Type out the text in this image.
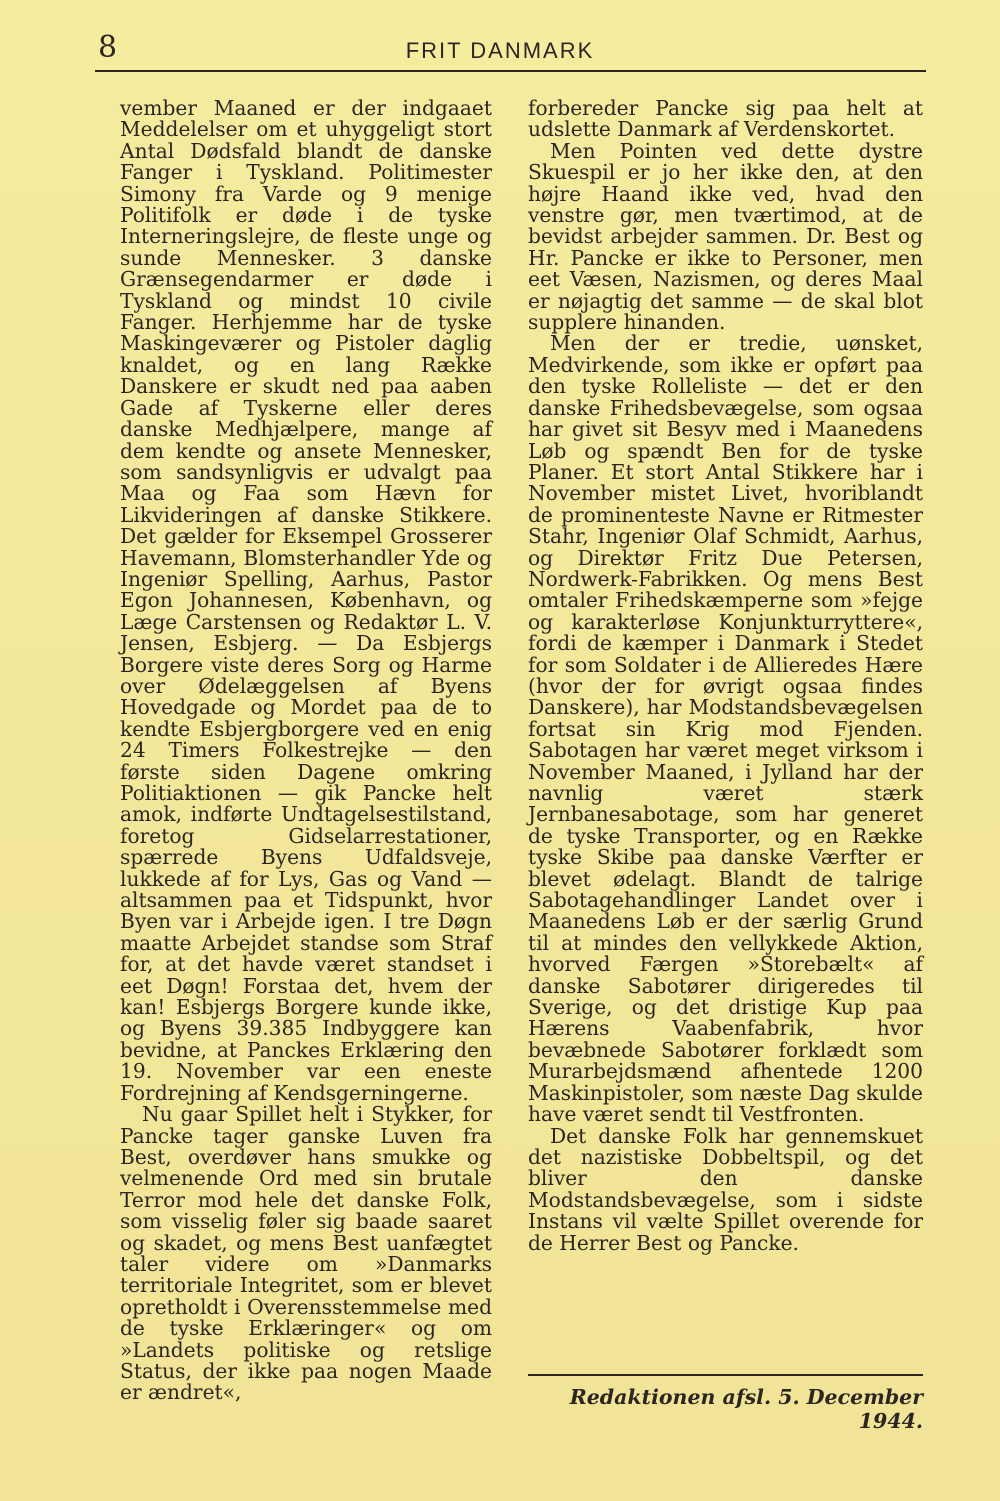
8	FRIT DANMARK

vember Maaned er der indgaaet Meddelelser om et uhyggeligt stort Antal Dødsfald blandt de danske Fanger i Tyskland. Politimester Simony fra Varde og 9 menige Politifolk er døde i de tyske Interneringslejre, de fleste unge og sunde Mennesker. 3 danske Grænsegendarmer er døde i Tyskland og mindst 10 civile Fanger. Herhjemme har de tyske Maskingeværer og Pistoler daglig knaldet, og en lang Række Danskere er skudt ned paa aaben Gade af Tyskerne eller deres danske Medhjælpere, mange af dem kendte og ansete Mennesker, som sandsynligvis er udvalgt paa Maa og Faa som Hævn for Likvideringen af danske Stikkere. Det gælder for Eksempel Grosserer Havemann, Blomsterhandler Yde og Ingeniør Spelling, Aarhus, Pastor Egon Johannesen, København, og Læge Carstensen og Redaktør L. V. Jensen, Esbjerg. — Da Esbjergs Borgere viste deres Sorg og Harme over Ødelæggelsen af Byens Hovedgade og Mordet paa de to kendte Esbjergborgere ved en enig 24 Timers Folkestrejke — den første siden Dagene omkring Politiaktionen — gik Pancke helt amok, indførte Undtagelsestilstand, foretog Gidselarrestationer, spærrede Byens Udfaldsveje, lukkede af for Lys, Gas og Vand — altsammen paa et Tidspunkt, hvor Byen var i Arbejde igen. I tre Døgn maatte Arbejdet standse som Straf for, at det havde været standset i eet Døgn! Forstaa det, hvem der kan! Esbjergs Borgere kunde ikke, og Byens 39.385 Indbyggere kan bevidne, at Panckes Erklæring den 19. November var een eneste Fordrejning af Kendsgerningerne.

Nu gaar Spillet helt i Stykker, for Pancke tager ganske Luven fra Best, overdøver hans smukke og velmenende Ord med sin brutale Terror mod hele det danske Folk, som visselig føler sig baade saaret og skadet, og mens Best uanfægtet taler videre om »Danmarks territoriale Integritet, som er blevet opretholdt i Overensstemmelse med de tyske Erklæringer« og om »Landets politiske og retslige Status, der ikke paa nogen Maade er ændret«,

forbereder Pancke sig paa helt at udslette Danmark af Verdenskortet.

Men Pointen ved dette dystre Skuespil er jo her ikke den, at den højre Haand ikke ved, hvad den venstre gør, men tværtimod, at de bevidst arbejder sammen. Dr. Best og Hr. Pancke er ikke to Personer, men eet Væsen, Nazismen, og deres Maal er nøjagtig det samme — de skal blot supplere hinanden.

Men der er tredie, uønsket, Medvirkende, som ikke er opført paa den tyske Rolleliste — det er den danske Frihedsbevægelse, som ogsaa har givet sit Besyv med i Maanedens Løb og spændt Ben for de tyske Planer. Et stort Antal Stikkere har i November mistet Livet, hvoriblandt de prominenteste Navne er Ritmester Stahr, Ingeniør Olaf Schmidt, Aarhus, og Direktør Fritz Due Petersen, Nordwerk-Fabrikken. Og mens Best omtaler Frihedskæmperne som »fejge og karakterløse Konjunkturryttere«, fordi de kæmper i Danmark i Stedet for som Soldater i de Allieredes Hære (hvor der for øvrigt ogsaa findes Danskere), har Modstandsbevægelsen fortsat sin Krig mod Fjenden. Sabotagen har været meget virksom i November Maaned, i Jylland har der navnlig været stærk Jernbanesabotage, som har generet de tyske Transporter, og en Række tyske Skibe paa danske Værfter er blevet ødelagt. Blandt de talrige Sabotagehandlinger Landet over i Maanedens Løb er der særlig Grund til at mindes den vellykkede Aktion, hvorved Færgen »Storebælt« af danske Sabotører dirigeredes til Sverige, og det dristige Kup paa Hærens Vaabenfabrik, hvor bevæbnede Sabotører forklædt som Murarbejdsmænd afhentede 1200 Maskinpistoler, som næste Dag skulde have været sendt til Vestfronten.

Det danske Folk har gennemskuet det nazistiske Dobbeltspil, og det bliver den danske Modstandsbevægelse, som i sidste Instans vil vælte Spillet overende for de Herrer Best og Pancke.

Redaktionen afsl. 5. December 1944.
